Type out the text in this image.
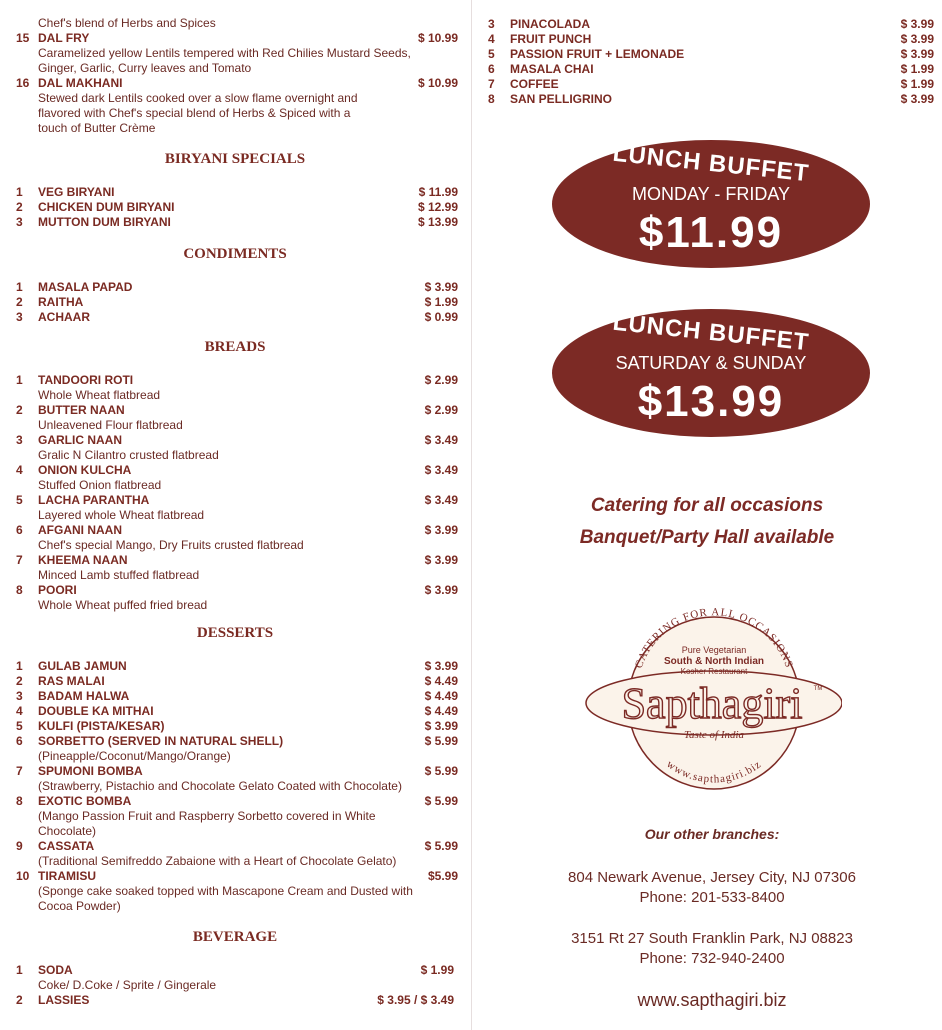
Chef's blend of Herbs and Spices
15 DAL FRY	$ 10.99
Caramelized yellow Lentils tempered with Red Chilies Mustard Seeds, Ginger, Garlic, Curry leaves and Tomato
16 DAL MAKHANI	$ 10.99
Stewed dark Lentils cooked over a slow flame overnight and flavored with Chef's special blend of Herbs & Spiced with a touch of Butter Crème
BIRYANI SPECIALS
1	VEG BIRYANI	$ 11.99
2	CHICKEN DUM BIRYANI	$ 12.99
3	MUTTON DUM BIRYANI	$ 13.99
CONDIMENTS
1	MASALA PAPAD	$ 3.99
2	RAITHA	$ 1.99
3	ACHAAR	$ 0.99
BREADS
1	TANDOORI ROTI	$ 2.99
Whole Wheat flatbread
2	BUTTER NAAN	$ 2.99
Unleavened Flour flatbread
3	GARLIC NAAN	$ 3.49
Gralic N Cilantro crusted flatbread
4	ONION KULCHA	$ 3.49
Stuffed Onion flatbread
5	LACHA PARANTHA	$ 3.49
Layered whole Wheat flatbread
6	AFGANI NAAN	$ 3.99
Chef's special Mango, Dry Fruits crusted flatbread
7	KHEEMA NAAN	$ 3.99
Minced Lamb stuffed flatbread
8	POORI	$ 3.99
Whole Wheat puffed fried bread
DESSERTS
1	GULAB JAMUN	$ 3.99
2	RAS MALAI	$ 4.49
3	BADAM HALWA	$ 4.49
4	DOUBLE KA MITHAI	$ 4.49
5	KULFI (PISTA/KESAR)	$ 3.99
6	SORBETTO (SERVED IN NATURAL SHELL)	$ 5.99
(Pineapple/Coconut/Mango/Orange)
7	SPUMONI BOMBA	$ 5.99
(Strawberry, Pistachio and Chocolate Gelato Coated with Chocolate)
8	EXOTIC BOMBA	$ 5.99
(Mango Passion Fruit and Raspberry Sorbetto covered in White Chocolate)
9	CASSATA	$ 5.99
(Traditional Semifreddo Zabaione with a Heart of Chocolate Gelato)
10 TIRAMISU	$5.99
(Sponge cake soaked topped with Mascapone Cream and Dusted with Cocoa Powder)
BEVERAGE
1	SODA	$ 1.99
Coke/ D.Coke / Sprite / Gingerale
2	LASSIES	$ 3.95 / $ 3.49
3 PINACOLADA	$ 3.99
4 FRUIT PUNCH	$ 3.99
5 PASSION FRUIT + LEMONADE	$ 3.99
6 MASALA CHAI	$ 1.99
7 COFFEE	$ 1.99
8 SAN PELLIGRINO	$ 3.99
LUNCH BUFFET
MONDAY - FRIDAY
$11.99
LUNCH BUFFET
SATURDAY & SUNDAY
$13.99
Catering for all occasions
Banquet/Party Hall available
CATERING FOR ALL OCCASIONS
Pure Vegetarian
South & North Indian
Kosher Restaurant
Sapthagiri TM
Taste of India
www.sapthagiri.biz
Our other branches:
804 Newark Avenue, Jersey City, NJ 07306
Phone: 201-533-8400
3151 Rt 27 South Franklin Park, NJ 08823
Phone: 732-940-2400
www.sapthagiri.biz
